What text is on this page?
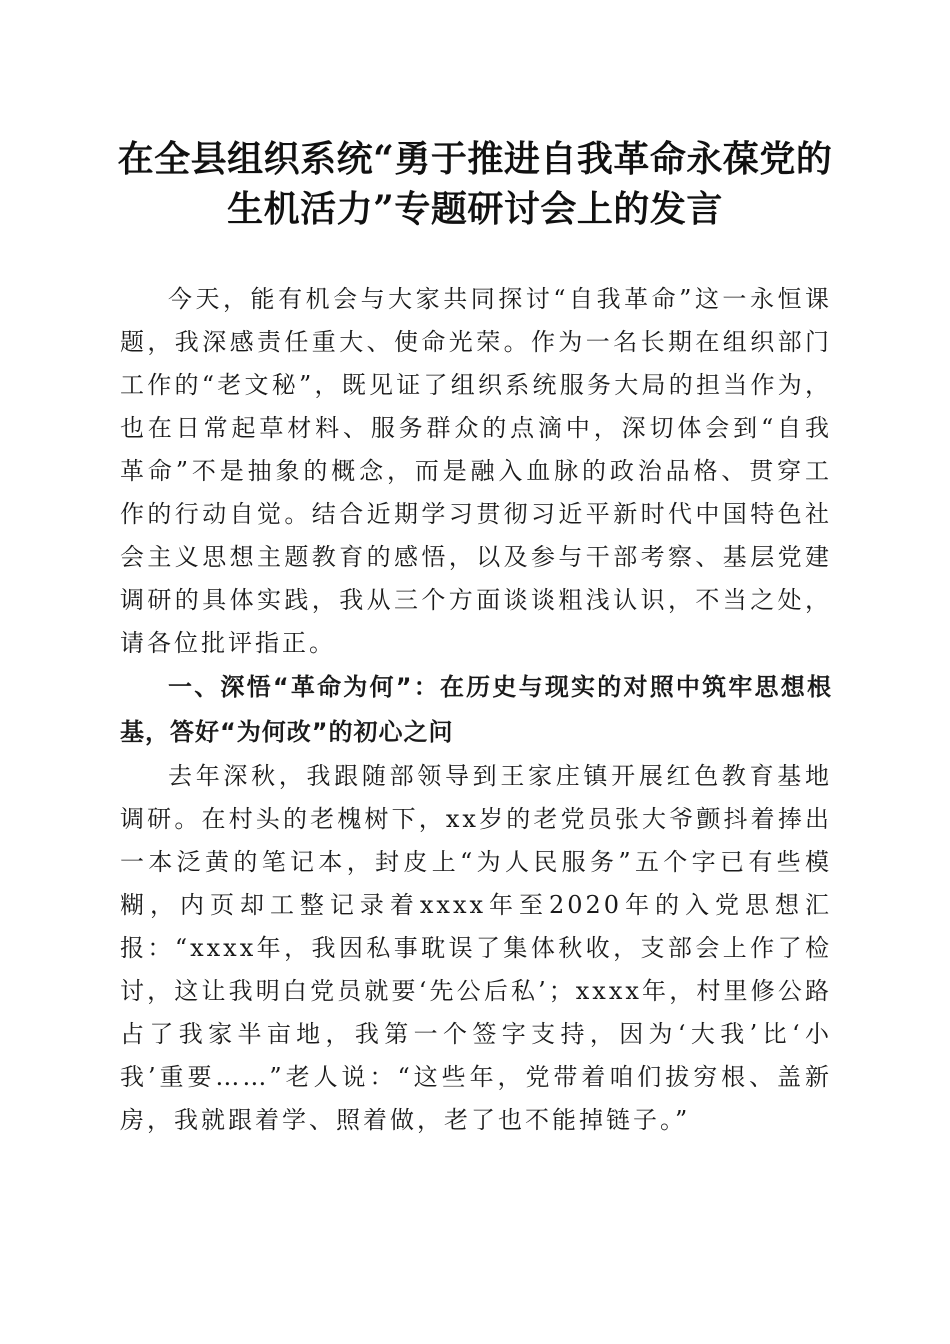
在全县组织系统“勇于推进自我革命永葆党的
生机活力”专题研讨会上的发言

今天，能有机会与大家共同探讨“自我革命”这一永恒课题，我深感责任重大、使命光荣。作为一名长期在组织部门工作的“老文秘”，既见证了组织系统服务大局的担当作为，也在日常起草材料、服务群众的点滴中，深切体会到“自我革命”不是抽象的概念，而是融入血脉的政治品格、贯穿工作的行动自觉。结合近期学习贯彻习近平新时代中国特色社会主义思想主题教育的感悟，以及参与干部考察、基层党建调研的具体实践，我从三个方面谈谈粗浅认识，不当之处，请各位批评指正。

一、深悟“革命为何”：在历史与现实的对照中筑牢思想根基，答好“为何改”的初心之问

去年深秋，我跟随部领导到王家庄镇开展红色教育基地调研。在村头的老槐树下，xx岁的老党员张大爷颤抖着捧出一本泛黄的笔记本，封皮上“为人民服务”五个字已有些模糊，内页却工整记录着xxxx年至2020年的入党思想汇报：“xxxx年，我因私事耽误了集体秋收，支部会上作了检讨，这让我明白党员就要‘先公后私’；xxxx年，村里修公路占了我家半亩地，我第一个签字支持，因为‘大我’比‘小我’重要……”老人说：“这些年，党带着咱们拔穷根、盖新房，我就跟着学、照着做，老了也不能掉链子。”
